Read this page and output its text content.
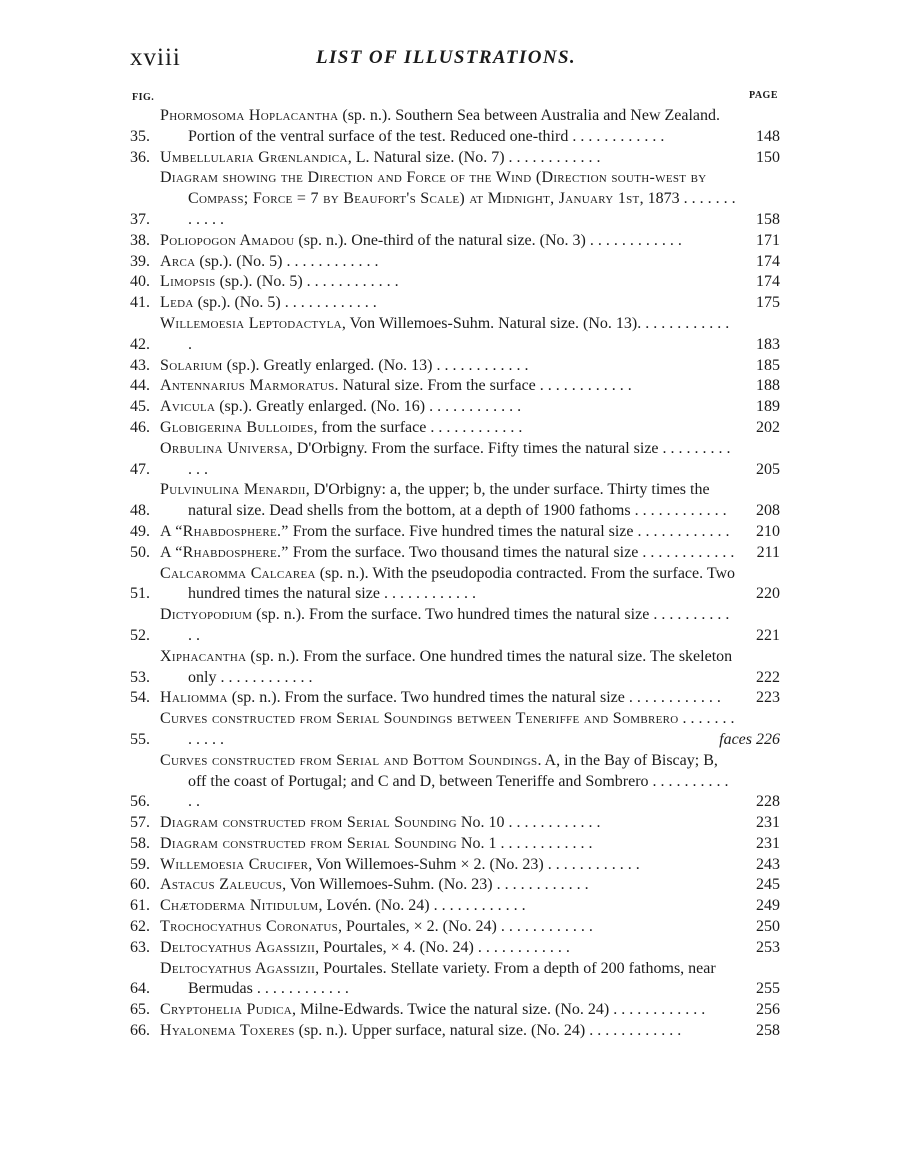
xviii	LIST OF ILLUSTRATIONS.
FIG.	PAGE
35.
Phormosoma Hoplacantha (sp. n.). Southern Sea between Australia and New Zealand. Portion of the ventral surface of the test. Reduced one-third . . . . . . . . . . . .	148
36. Umbellularia Grœnlandica, L. Natural size. (No. 7) . . . . . . . . . . . .	150
37.
Diagram showing the Direction and Force of the Wind (Direction south-west by Compass; Force = 7 by Beaufort's Scale) at Midnight, January 1st, 1873 . . . . . . . . . . . .	158
38. Poliopogon Amadou (sp. n.). One-third of the natural size. (No. 3) . . . . . . . . . . . .	171
39. Arca (sp.). (No. 5) . . . . . . . . . . . .	174
40. Limopsis (sp.). (No. 5) . . . . . . . . . . . .	174
41. Leda (sp.). (No. 5) . . . . . . . . . . . .	175
42.
Willemoesia Leptodactyla, Von Willemoes-Suhm. Natural size. (No. 13). . . . . . . . . . . . .	183
43. Solarium (sp.). Greatly enlarged. (No. 13) . . . . . . . . . . . .	185
44. Antennarius Marmoratus. Natural size. From the surface . . . . . . . . . . . .	188
45. Avicula (sp.). Greatly enlarged. (No. 16) . . . . . . . . . . . .	189
46. Globigerina Bulloides, from the surface . . . . . . . . . . . .	202
47.
Orbulina Universa, D'Orbigny. From the surface. Fifty times the natural size . . . . . . . . . . . .	205
48.
Pulvinulina Menardii, D'Orbigny: a, the upper; b, the under surface. Thirty times the natural size. Dead shells from the bottom, at a depth of 1900 fathoms . . . . . . . . . . . .	208
49. A “Rhabdosphere.” From the surface. Five hundred times the natural size . . . . . . . . . . . .	210
50. A “Rhabdosphere.” From the surface. Two thousand times the natural size . . . . . . . . . . . .	211
51.
Calcaromma Calcarea (sp. n.). With the pseudopodia contracted. From the surface. Two hundred times the natural size . . . . . . . . . . . .	220
52.
Dictyopodium (sp. n.). From the surface. Two hundred times the natural size . . . . . . . . . . . .	221
53.
Xiphacantha (sp. n.). From the surface. One hundred times the natural size. The skeleton only . . . . . . . . . . . .	222
54. Haliomma (sp. n.). From the surface. Two hundred times the natural size . . . . . . . . . . . .	223
55.
Curves constructed from Serial Soundings between Teneriffe and Sombrero . . . . . . . . . . . .	faces 226
56.
Curves constructed from Serial and Bottom Soundings. A, in the Bay of Biscay; B, off the coast of Portugal; and C and D, between Teneriffe and Sombrero . . . . . . . . . . . .	228
57. Diagram constructed from Serial Sounding No. 10 . . . . . . . . . . . .	231
58. Diagram constructed from Serial Sounding No. 1 . . . . . . . . . . . .	231
59. Willemoesia Crucifer, Von Willemoes-Suhm × 2. (No. 23) . . . . . . . . . . . .	243
60. Astacus Zaleucus, Von Willemoes-Suhm. (No. 23) . . . . . . . . . . . .	245
61. Chætoderma Nitidulum, Lovén. (No. 24) . . . . . . . . . . . .	249
62. Trochocyathus Coronatus, Pourtales, × 2. (No. 24) . . . . . . . . . . . .	250
63. Deltocyathus Agassizii, Pourtales, × 4. (No. 24) . . . . . . . . . . . .	253
64.
Deltocyathus Agassizii, Pourtales. Stellate variety. From a depth of 200 fathoms, near Bermudas . . . . . . . . . . . .	255
65. Cryptohelia Pudica, Milne-Edwards. Twice the natural size. (No. 24) . . . . . . . . . . . .	256
66. Hyalonema Toxeres (sp. n.). Upper surface, natural size. (No. 24) . . . . . . . . . . . .	258
